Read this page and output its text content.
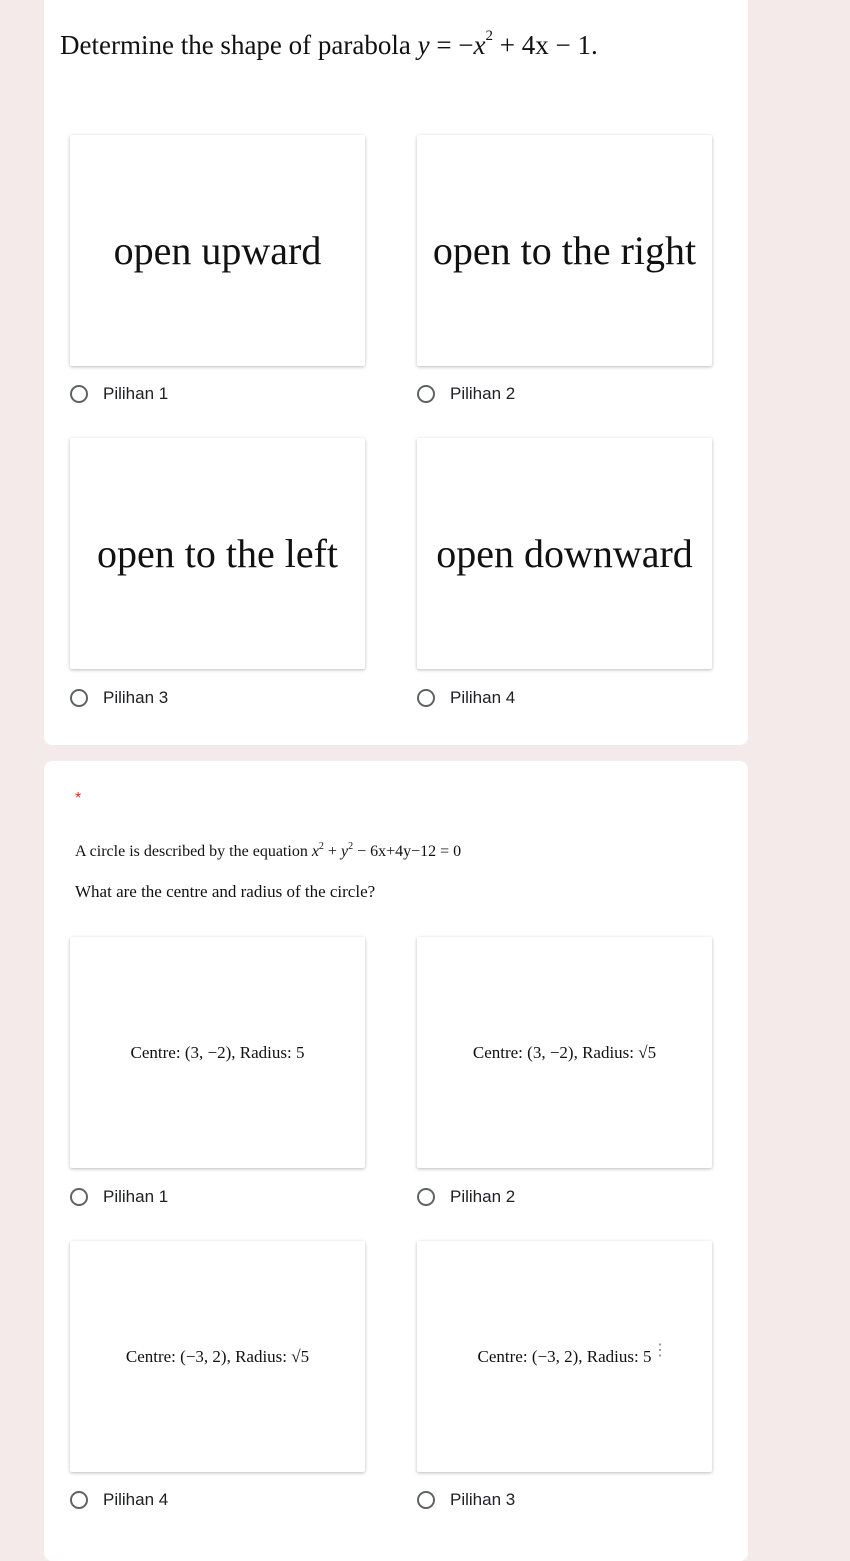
Determine the shape of parabola $y = -x^2 + 4x - 1$.
open upward	open to the right
Pilihan 1	Pilihan 2
open to the left open downward
Pilihan 3	Pilihan 4
*
A circle is described by the equation $x^2 + y^2 - 6x+4y-12 = 0$
What are the centre and radius of the circle?
Centre: (3, −2), Radius: 5	Centre: (3, −2), Radius: √5
Pilihan 1	Pilihan 2
Centre: (−3, 2), Radius: √5	Centre: (−3, 2), Radius: 5 ⋮
Pilihan 4	Pilihan 3
